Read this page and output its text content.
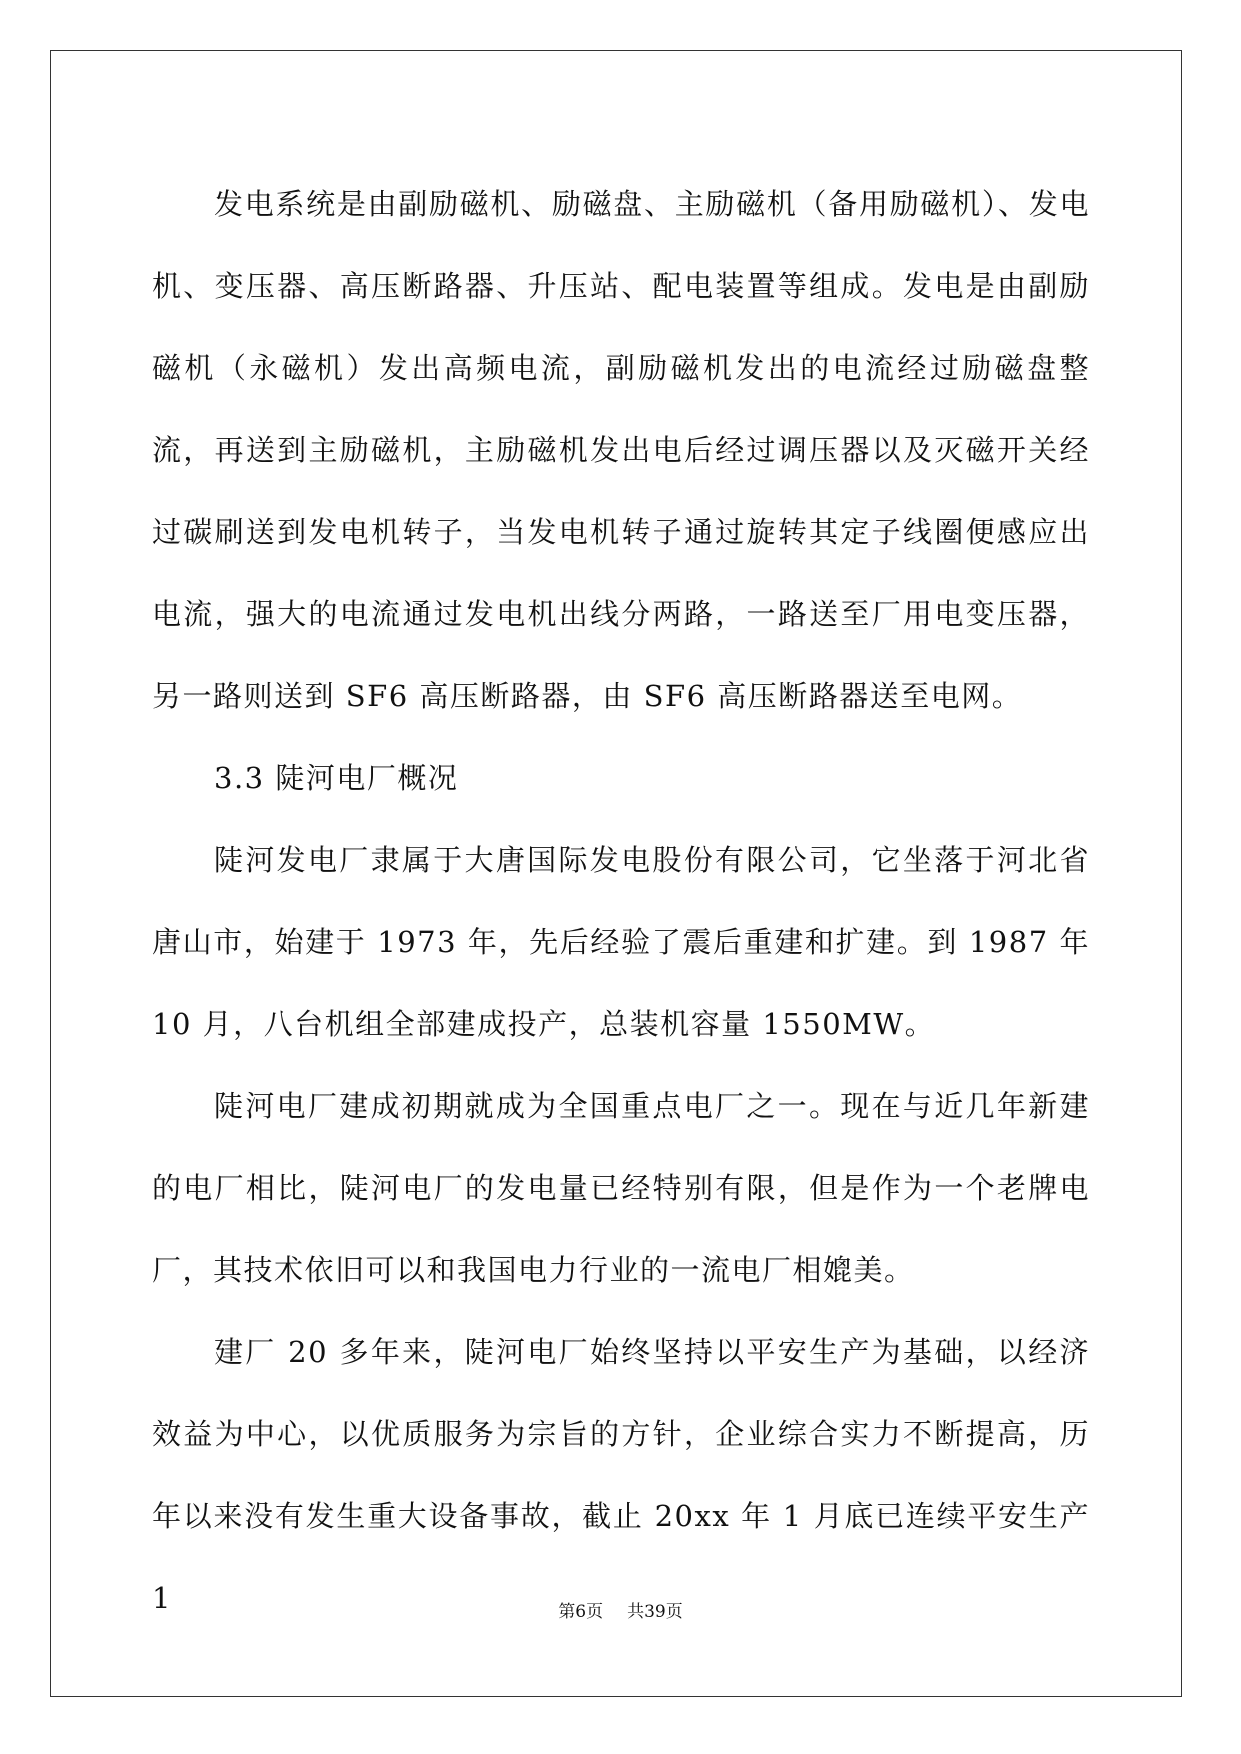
发电系统是由副励磁机、励磁盘、主励磁机（备用励磁机）、发电机、变压器、高压断路器、升压站、配电装置等组成。发电是由副励磁机（永磁机）发出高频电流，副励磁机发出的电流经过励磁盘整流，再送到主励磁机，主励磁机发出电后经过调压器以及灭磁开关经过碳刷送到发电机转子，当发电机转子通过旋转其定子线圈便感应出电流，强大的电流通过发电机出线分两路，一路送至厂用电变压器，另一路则送到 SF6 高压断路器，由 SF6 高压断路器送至电网。

3.3 陡河电厂概况

陡河发电厂隶属于大唐国际发电股份有限公司，它坐落于河北省唐山市，始建于 1973 年，先后经验了震后重建和扩建。到 1987 年 10 月，八台机组全部建成投产，总装机容量 1550MW。

陡河电厂建成初期就成为全国重点电厂之一。现在与近几年新建的电厂相比，陡河电厂的发电量已经特别有限，但是作为一个老牌电厂，其技术依旧可以和我国电力行业的一流电厂相媲美。

建厂 20 多年来，陡河电厂始终坚持以平安生产为基础，以经济效益为中心，以优质服务为宗旨的方针，企业综合实力不断提高，历年以来没有发生重大设备事故，截止 20xx 年 1 月底已连续平安生产 1	第6页 共39页
